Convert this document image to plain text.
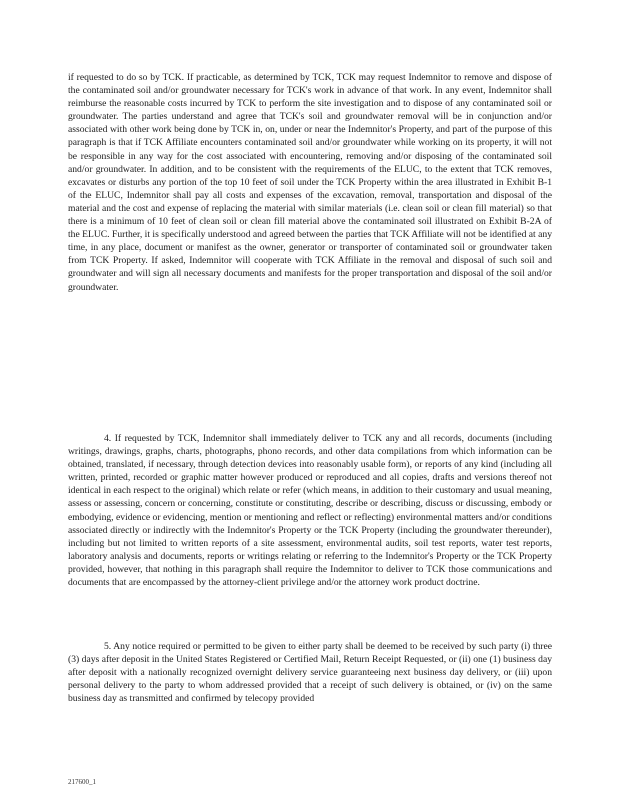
if requested to do so by TCK. If practicable, as determined by TCK, TCK may request Indemnitor to remove and dispose of the contaminated soil and/or groundwater necessary for TCK's work in advance of that work. In any event, Indemnitor shall reimburse the reasonable costs incurred by TCK to perform the site investigation and to dispose of any contaminated soil or groundwater. The parties understand and agree that TCK's soil and groundwater removal will be in conjunction and/or associated with other work being done by TCK in, on, under or near the Indemnitor's Property, and part of the purpose of this paragraph is that if TCK Affiliate encounters contaminated soil and/or groundwater while working on its property, it will not be responsible in any way for the cost associated with encountering, removing and/or disposing of the contaminated soil and/or groundwater. In addition, and to be consistent with the requirements of the ELUC, to the extent that TCK removes, excavates or disturbs any portion of the top 10 feet of soil under the TCK Property within the area illustrated in Exhibit B-1 of the ELUC, Indemnitor shall pay all costs and expenses of the excavation, removal, transportation and disposal of the material and the cost and expense of replacing the material with similar materials (i.e. clean soil or clean fill material) so that there is a minimum of 10 feet of clean soil or clean fill material above the contaminated soil illustrated on Exhibit B-2A of the ELUC. Further, it is specifically understood and agreed between the parties that TCK Affiliate will not be identified at any time, in any place, document or manifest as the owner, generator or transporter of contaminated soil or groundwater taken from TCK Property. If asked, Indemnitor will cooperate with TCK Affiliate in the removal and disposal of such soil and groundwater and will sign all necessary documents and manifests for the proper transportation and disposal of the soil and/or groundwater.

4. If requested by TCK, Indemnitor shall immediately deliver to TCK any and all records, documents (including writings, drawings, graphs, charts, photographs, phono records, and other data compilations from which information can be obtained, translated, if necessary, through detection devices into reasonably usable form), or reports of any kind (including all written, printed, recorded or graphic matter however produced or reproduced and all copies, drafts and versions thereof not identical in each respect to the original) which relate or refer (which means, in addition to their customary and usual meaning, assess or assessing, concern or concerning, constitute or constituting, describe or describing, discuss or discussing, embody or embodying, evidence or evidencing, mention or mentioning and reflect or reflecting) environmental matters and/or conditions associated directly or indirectly with the Indemnitor's Property or the TCK Property (including the groundwater thereunder), including but not limited to written reports of a site assessment, environmental audits, soil test reports, water test reports, laboratory analysis and documents, reports or writings relating or referring to the Indemnitor's Property or the TCK Property provided, however, that nothing in this paragraph shall require the Indemnitor to deliver to TCK those communications and documents that are encompassed by the attorney-client privilege and/or the attorney work product doctrine.

5. Any notice required or permitted to be given to either party shall be deemed to be received by such party (i) three (3) days after deposit in the United States Registered or Certified Mail, Return Receipt Requested, or (ii) one (1) business day after deposit with a nationally recognized overnight delivery service guaranteeing next business day delivery, or (iii) upon personal delivery to the party to whom addressed provided that a receipt of such delivery is obtained, or (iv) on the same business day as transmitted and confirmed by telecopy provided

217600_1
